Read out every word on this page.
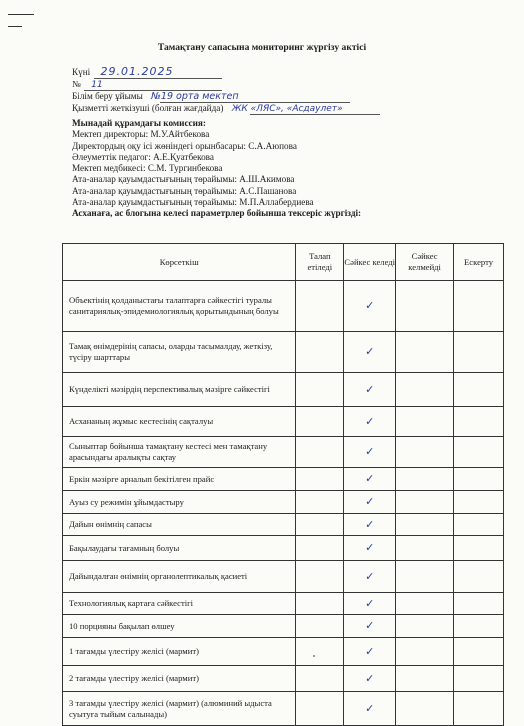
Тамақтану сапасына мониторинг жүргізу актісі
Күні 29.01.2025
№ 11
Білім беру ұйымы №19 орта мектеп
Қызметті жеткізуші (болған жағдайда) ЖК «ЛЯС», «Асдаулет»
Мынадай құрамдағы комиссия:
Мектеп директоры: М.У.Айтбекова
Директордың оқу ісі жөніндегі орынбасары: С.А.Аюпова
Әлеуметтік педагог: А.Е.Қуатбекова
Мектеп медбикесі: С.М. Тургинбекова
Ата-аналар қауымдастығының төрайымы: А.Ш.Акимова
Ата-аналар қауымдастығының төрайымы: А.С.Пашанова
Ата-аналар қауымдастығының төрайымы: М.П.Аллабердиева
Асханаға, ас блогына келесі параметрлер бойынша тексеріс жүргізді:
Көрсеткіш	Талап етіледі	Сәйкес келеді	Сәйкес келмейді	Ескерту
Объектінің қолданыстағы талаптарға сәйкестігі туралы санитариялық-эпидемиологиялық қорытындының болуы		✓		
Тамақ өнімдерінің сапасы, оларды тасымалдау, жеткізу, түсіру шарттары		✓		
Күнделікті мәзірдің перспективалық мәзірге сәйкестігі		✓		
Асхананың жұмыс кестесінің сақталуы		✓		
Сыныптар бойынша тамақтану кестесі мен тамақтану арасындағы аралықты сақтау		✓		
Еркін мәзірге арналып бекітілген прайс		✓		
Ауыз су режимін ұйымдастыру		✓		
Дайын өнімнің сапасы		✓		
Бақылаудағы тағамның болуы		✓		
Дайындалған өнімнің органолептикалық қасиеті		✓		
Технологиялық картаға сәйкестігі		✓		
10 порцияны бақылап өлшеу		✓		
1 тағамды үлестіру желісі (мармит)		✓		
2 тағамды үлестіру желісі (мармит)		✓		
3 тағамды үлестіру желісі (мармит) (алюминий ыдыста суытуға тыйым салынады)		✓		
